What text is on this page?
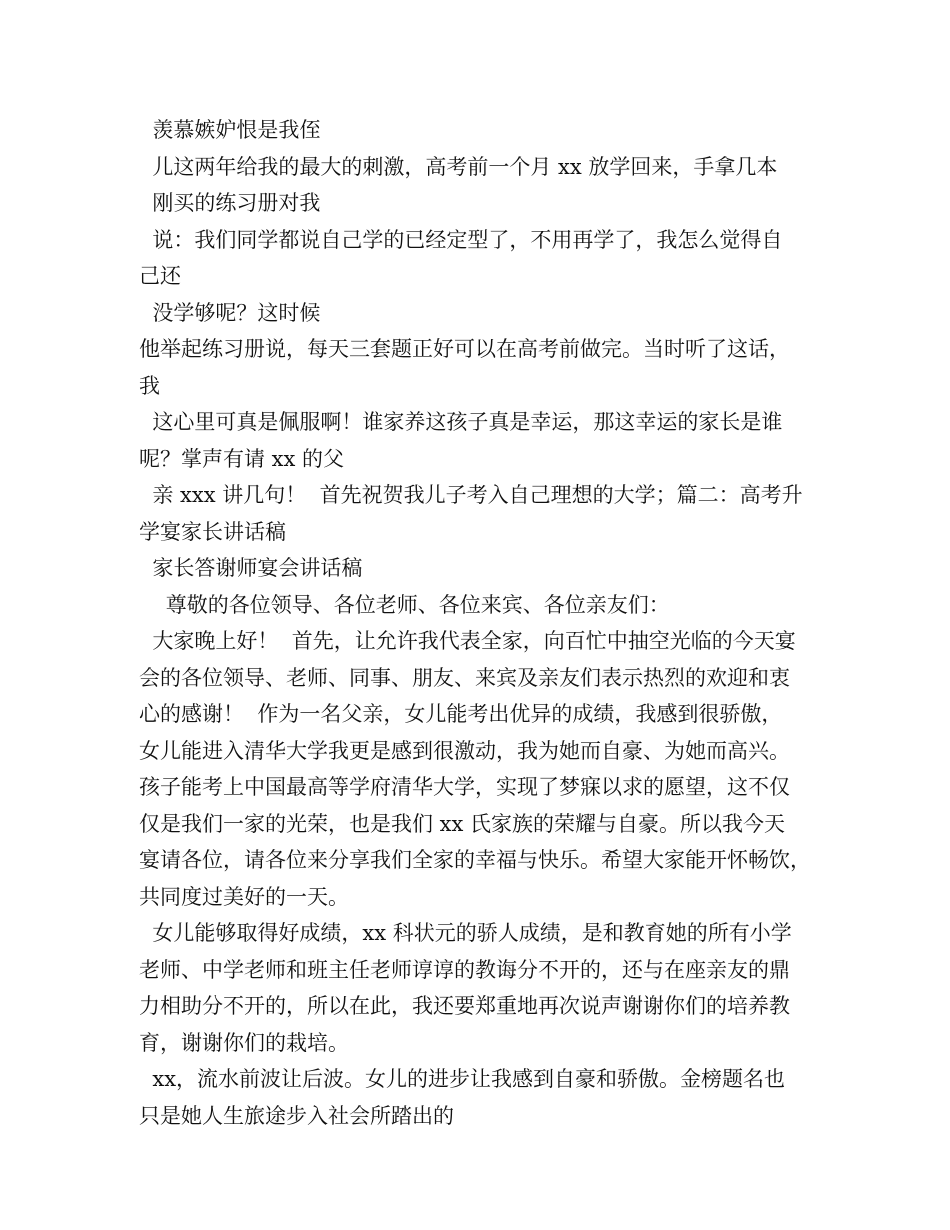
羡慕嫉妒恨是我侄
儿这两年给我的最大的刺激，高考前一个月 xx 放学回来，手拿几本
刚买的练习册对我
说：我们同学都说自己学的已经定型了，不用再学了，我怎么觉得自
己还
没学够呢？这时候
他举起练习册说，每天三套题正好可以在高考前做完。当时听了这话，
我
这心里可真是佩服啊！谁家养这孩子真是幸运，那这幸运的家长是谁
呢？掌声有请 xx 的父
亲 xxx 讲几句！  首先祝贺我儿子考入自己理想的大学；篇二：高考升
学宴家长讲话稿
家长答谢师宴会讲话稿
尊敬的各位领导、各位老师、各位来宾、各位亲友们：
大家晚上好！  首先，让允许我代表全家，向百忙中抽空光临的今天宴
会的各位领导、老师、同事、朋友、来宾及亲友们表示热烈的欢迎和衷
心的感谢！  作为一名父亲，女儿能考出优异的成绩，我感到很骄傲，
女儿能进入清华大学我更是感到很激动，我为她而自豪、为她而高兴。
孩子能考上中国最高等学府清华大学，实现了梦寐以求的愿望，这不仅
仅是我们一家的光荣，也是我们 xx 氏家族的荣耀与自豪。所以我今天
宴请各位，请各位来分享我们全家的幸福与快乐。希望大家能开怀畅饮，
共同度过美好的一天。
女儿能够取得好成绩，xx 科状元的骄人成绩，是和教育她的所有小学
老师、中学老师和班主任老师谆谆的教诲分不开的，还与在座亲友的鼎
力相助分不开的，所以在此，我还要郑重地再次说声谢谢你们的培养教
育，谢谢你们的栽培。
xx，流水前波让后波。女儿的进步让我感到自豪和骄傲。金榜题名也
只是她人生旅途步入社会所踏出的
